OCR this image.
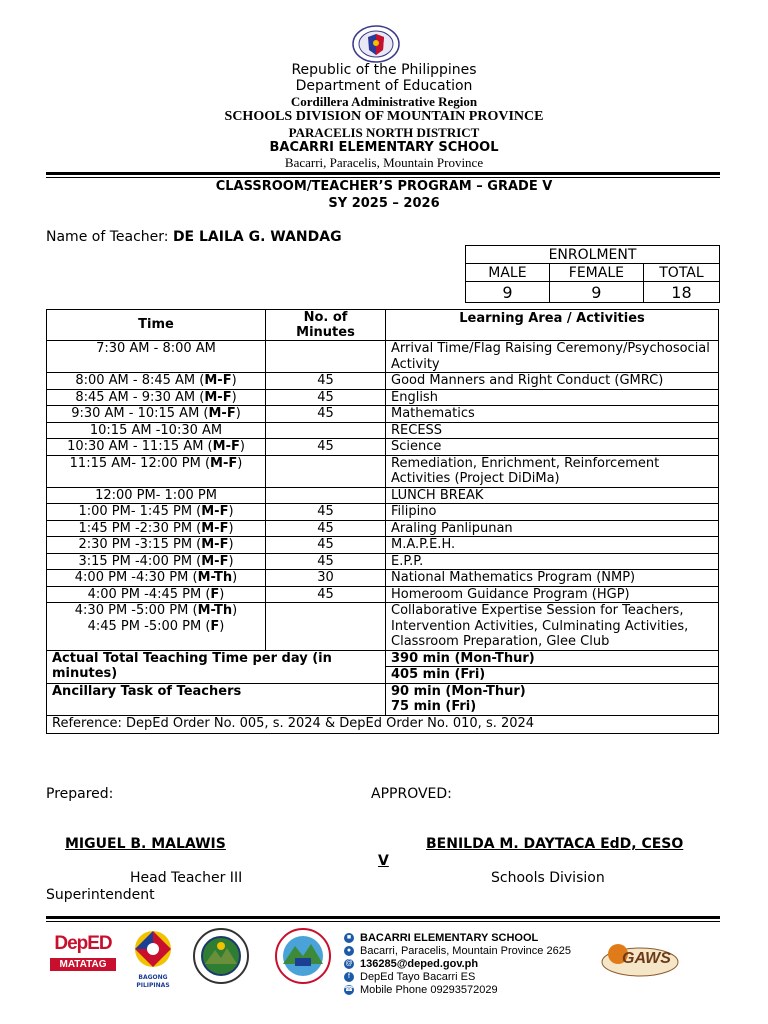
Republic of the Philippines
Department of Education
Cordillera Administrative Region
SCHOOLS DIVISION OF MOUNTAIN PROVINCE
PARACELIS NORTH DISTRICT
BACARRI ELEMENTARY SCHOOL
Bacarri, Paracelis, Mountain Province
CLASSROOM/TEACHER’S PROGRAM – GRADE V
SY 2025 – 2026
Name of Teacher: DE LAILA G. WANDAG
ENROLMENT		
MALE	FEMALE	TOTAL
9	9	18
Time	No. of Minutes	Learning Area / Activities

7:30 AM - 8:00 AM		Arrival Time/Flag Raising Ceremony/Psychosocial Activity

8:00 AM - 8:45 AM (M-F)	45	Good Manners and Right Conduct (GMRC)

8:45 AM - 9:30 AM (M-F)	45	English

9:30 AM - 10:15 AM (M-F)	45	Mathematics

10:15 AM -10:30 AM		RECESS

10:30 AM - 11:15 AM (M-F)	45	Science

11:15 AM- 12:00 PM (M-F)		Remediation, Enrichment, Reinforcement Activities (Project DiDiMa)

12:00 PM- 1:00 PM		LUNCH BREAK

1:00 PM- 1:45 PM (M-F)	45	Filipino

1:45 PM -2:30 PM (M-F)	45	Araling Panlipunan

2:30 PM -3:15 PM (M-F)	45	M.A.P.E.H.

3:15 PM -4:00 PM (M-F)	45	E.P.P.

4:00 PM -4:30 PM (M-Th)	30	National Mathematics Program (NMP)

4:00 PM -4:45 PM (F)	45	Homeroom Guidance Program (HGP)

4:30 PM -5:00 PM (M-Th)
4:45 PM -5:00 PM (F)		Collaborative Expertise Session for Teachers, Intervention Activities, Culminating Activities, Classroom Preparation, Glee Club
Actual Total Teaching Time per day (in minutes)		390 min (Mon-Thur)
405 min (Fri)

Ancillary Task of Teachers		90 min (Mon-Thur)
75 min (Fri)

Reference: DepEd Order No. 005, s. 2024 & DepEd Order No. 010, s. 2024		
Prepared:	APPROVED:
MIGUEL B. MALAWIS	BENILDA M. DAYTACA EdD, CESO
V
Head Teacher III	Schools Division
Superintendent
DepED
MATATAG
BAGONG PILIPINAS
■ BACARRI ELEMENTARY SCHOOL
● Bacarri, Paracelis, Mountain Province 2625
@ 136285@deped.gov.ph
f DepEd Tayo Bacarri ES
☎ Mobile Phone 09293572029
GAWS
